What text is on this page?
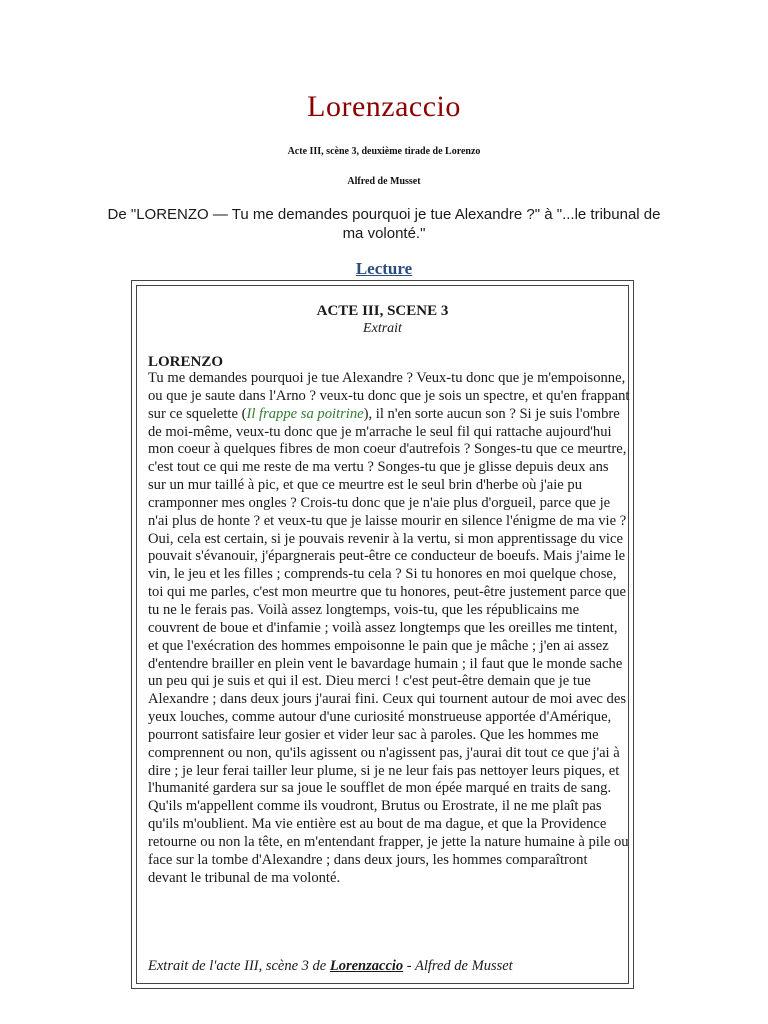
Lorenzaccio
Acte III, scène 3, deuxième tirade de Lorenzo
Alfred de Musset
De "LORENZO — Tu me demandes pourquoi je tue Alexandre ?" à "...le tribunal de ma volonté."
Lecture
ACTE III, SCENE 3
Extrait
LORENZO

Tu me demandes pourquoi je tue Alexandre ? Veux-tu donc que je m'empoisonne, ou que je saute dans l'Arno ? veux-tu donc que je sois un spectre, et qu'en frappant sur ce squelette (Il frappe sa poitrine), il n'en sorte aucun son ? Si je suis l'ombre de moi-même, veux-tu donc que je m'arrache le seul fil qui rattache aujourd'hui mon coeur à quelques fibres de mon coeur d'autrefois ? Songes-tu que ce meurtre, c'est tout ce qui me reste de ma vertu ? Songes-tu que je glisse depuis deux ans sur un mur taillé à pic, et que ce meurtre est le seul brin d'herbe où j'aie pu cramponner mes ongles ? Crois-tu donc que je n'aie plus d'orgueil, parce que je n'ai plus de honte ? et veux-tu que je laisse mourir en silence l'énigme de ma vie ? Oui, cela est certain, si je pouvais revenir à la vertu, si mon apprentissage du vice pouvait s'évanouir, j'épargnerais peut-être ce conducteur de boeufs. Mais j'aime le vin, le jeu et les filles ; comprends-tu cela ? Si tu honores en moi quelque chose, toi qui me parles, c'est mon meurtre que tu honores, peut-être justement parce que tu ne le ferais pas. Voilà assez longtemps, vois-tu, que les républicains me couvrent de boue et d'infamie ; voilà assez longtemps que les oreilles me tintent, et que l'exécration des hommes empoisonne le pain que je mâche ; j'en ai assez d'entendre brailler en plein vent le bavardage humain ; il faut que le monde sache un peu qui je suis et qui il est. Dieu merci ! c'est peut-être demain que je tue Alexandre ; dans deux jours j'aurai fini. Ceux qui tournent autour de moi avec des yeux louches, comme autour d'une curiosité monstrueuse apportée d'Amérique, pourront satisfaire leur gosier et vider leur sac à paroles. Que les hommes me comprennent ou non, qu'ils agissent ou n'agissent pas, j'aurai dit tout ce que j'ai à dire ; je leur ferai tailler leur plume, si je ne leur fais pas nettoyer leurs piques, et l'humanité gardera sur sa joue le soufflet de mon épée marqué en traits de sang. Qu'ils m'appellent comme ils voudront, Brutus ou Erostrate, il ne me plaît pas qu'ils m'oublient. Ma vie entière est au bout de ma dague, et que la Providence retourne ou non la tête, en m'entendant frapper, je jette la nature humaine à pile ou face sur la tombe d'Alexandre ; dans deux jours, les hommes comparaîtront devant le tribunal de ma volonté.

Extrait de l'acte III, scène 3 de Lorenzaccio - Alfred de Musset
